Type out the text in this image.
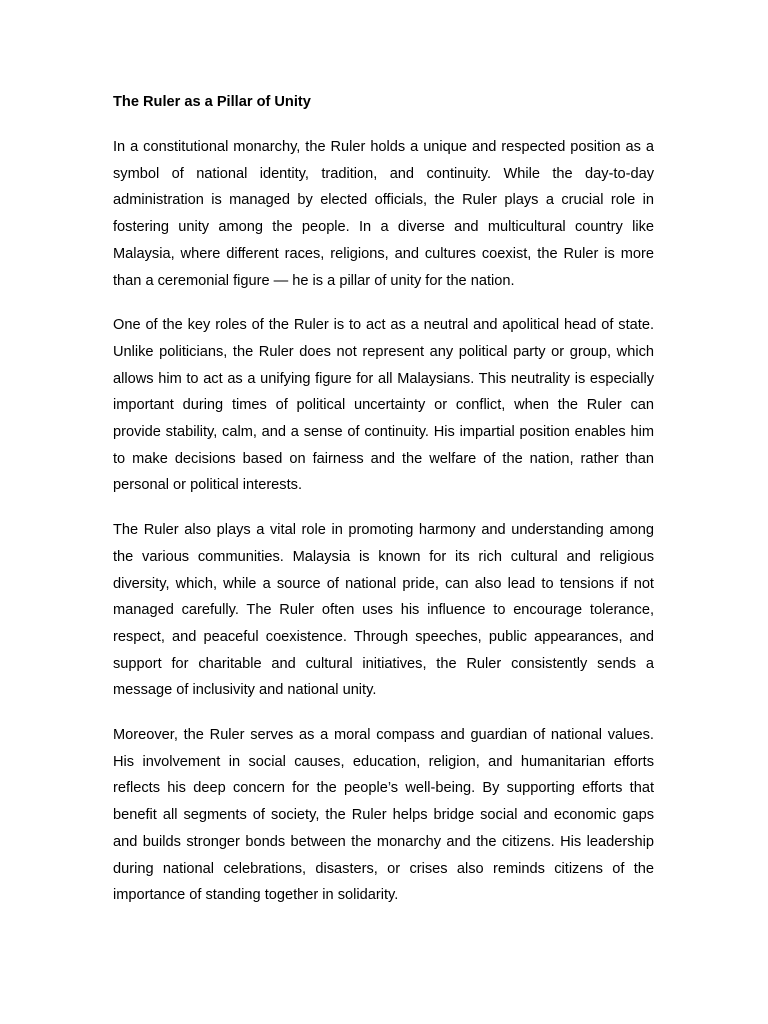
The Ruler as a Pillar of Unity

In a constitutional monarchy, the Ruler holds a unique and respected position as a symbol of national identity, tradition, and continuity. While the day-to-day administration is managed by elected officials, the Ruler plays a crucial role in fostering unity among the people. In a diverse and multicultural country like Malaysia, where different races, religions, and cultures coexist, the Ruler is more than a ceremonial figure — he is a pillar of unity for the nation.

One of the key roles of the Ruler is to act as a neutral and apolitical head of state. Unlike politicians, the Ruler does not represent any political party or group, which allows him to act as a unifying figure for all Malaysians. This neutrality is especially important during times of political uncertainty or conflict, when the Ruler can provide stability, calm, and a sense of continuity. His impartial position enables him to make decisions based on fairness and the welfare of the nation, rather than personal or political interests.

The Ruler also plays a vital role in promoting harmony and understanding among the various communities. Malaysia is known for its rich cultural and religious diversity, which, while a source of national pride, can also lead to tensions if not managed carefully. The Ruler often uses his influence to encourage tolerance, respect, and peaceful coexistence. Through speeches, public appearances, and support for charitable and cultural initiatives, the Ruler consistently sends a message of inclusivity and national unity.

Moreover, the Ruler serves as a moral compass and guardian of national values. His involvement in social causes, education, religion, and humanitarian efforts reflects his deep concern for the people’s well-being. By supporting efforts that benefit all segments of society, the Ruler helps bridge social and economic gaps and builds stronger bonds between the monarchy and the citizens. His leadership during national celebrations, disasters, or crises also reminds citizens of the importance of standing together in solidarity.
